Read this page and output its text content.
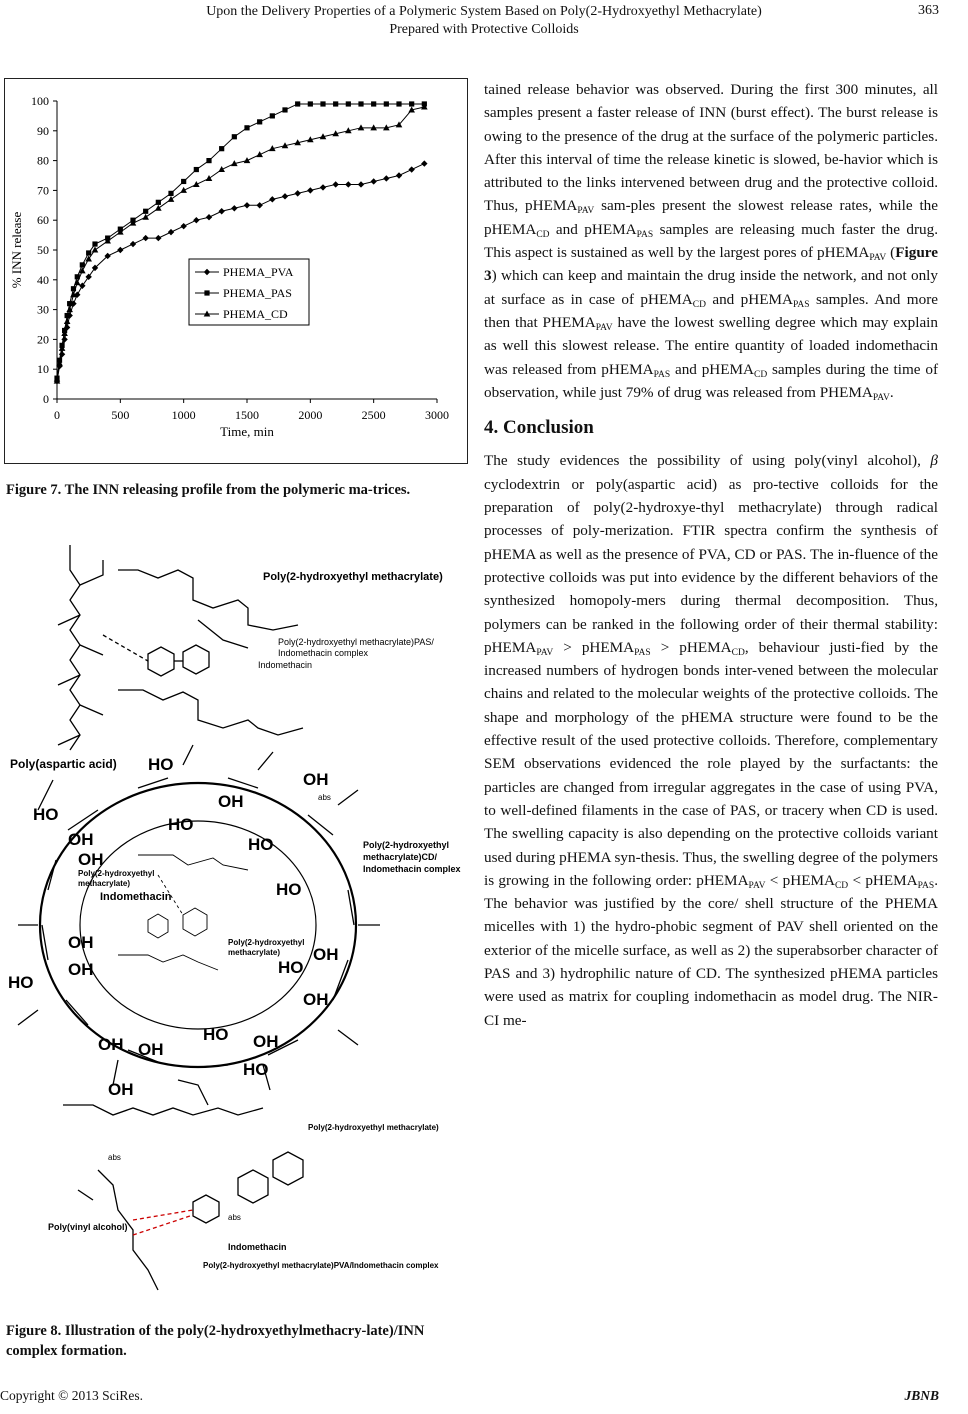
Upon the Delivery Properties of a Polymeric System Based on Poly(2-Hydroxyethyl Methacrylate)
Prepared with Protective Colloids
363
0
10
20
30
40
50
60
70
80
90
100
0	500	1000	1500	2000	2500	3000
Time, min
% INN release	PHEMA_PVA
PHEMA_PAS
PHEMA_CD
Figure 7. The INN releasing profile from the polymeric ma-trices.
Poly(aspartic acid)
Poly(2-hydroxyethyl methacrylate)
Poly(2-hydroxyethyl methacrylate)PAS/
Indomethacin complex
Indomethacin
HO
HO
OH
OH
OH
HO
OH
HO
HO
OH
OH
HO
HO
OH
OH
OH OH
HO OH
HO
OH
Poly(2-hydroxyethyl
methacrylate)CD/
Indomethacin complex
Poly(2-hydroxyethyl
methacrylate)
Indomethacin
Poly(2-hydroxyethyl
methacrylate)
Poly(vinyl alcohol)
Poly(2-hydroxyethyl methacrylate)
Indomethacin
Poly(2-hydroxyethyl methacrylate)PVA/Indomethacin complex
abs
abs
abs
Figure 8. Illustration of the poly(2-hydroxyethylmethacry-late)/INN complex formation.

tained release behavior was observed. During the first 300 minutes, all samples present a faster release of INN (burst effect). The burst release is owing to the presence of the drug at the surface of the polymeric particles. After this interval of time the release kinetic is slowed, be-havior which is attributed to the links intervened between drug and the protective colloid. Thus, pHEMA$_{PAV}$ sam-ples present the slowest release rates, while the pHEMA$_{CD}$ and pHEMA$_{PAS}$ samples are releasing much faster the drug. This aspect is sustained as well by the largest pores of pHEMA$_{PAV}$ (Figure 3) which can keep and maintain the drug inside the network, and not only at surface as in case of pHEMA$_{CD}$ and pHEMA$_{PAS}$ samples. And more then that $PHEMA_{PAV}$ have the lowest swelling degree which may explain as well this slowest release. The entire quantity of loaded indomethacin was released from pHEMA$_{PAS}$ and pHEMA$_{CD}$ samples during the time of observation, while just 79% of drug was released from $PHEMA_{PAV}$.

4. Conclusion

The study evidences the possibility of using poly(vinyl alcohol), β cyclodextrin or poly(aspartic acid) as pro-tective colloids for the preparation of poly(2-hydroxye-thyl methacrylate) through radical processes of poly-merization. FTIR spectra confirm the synthesis of pHEMA as well as the presence of PVA, CD or PAS. The in-fluence of the protective colloids was put into evidence by the different behaviors of the synthesized homopoly-mers during thermal decomposition. Thus, polymers can be ranked in the following order of their thermal stability: pHEMA$_{PAV}$ > pHEMA$_{PAS}$ > pHEMA$_{CD}$, behaviour justi-fied by the increased numbers of hydrogen bonds inter-vened between the molecular chains and related to the molecular weights of the protective colloids. The shape and morphology of the pHEMA structure were found to be the effective result of the used protective colloids. Therefore, complementary SEM observations evidenced the role played by the surfactants: the particles are changed from irregular aggregates in the case of using PVA, to well-defined filaments in the case of PAS, or tracery when CD is used. The swelling capacity is also depending on the protective colloids variant used during pHEMA syn-thesis. Thus, the swelling degree of the polymers is growing in the following order: pHEMA$_{PAV}$ < pHEMA$_{CD}$ < pHEMA$_{PAS}$. The behavior was justified by the core/ shell structure of the PHEMA micelles with 1) the hydro-phobic segment of PAV shell oriented on the exterior of the micelle surface, as well as 2) the superabsorber character of PAS and 3) hydrophilic nature of CD. The synthesized pHEMA particles were used as matrix for coupling indomethacin as model drug. The NIR-CI me-

Copyright © 2013 SciRes.	JBNB
